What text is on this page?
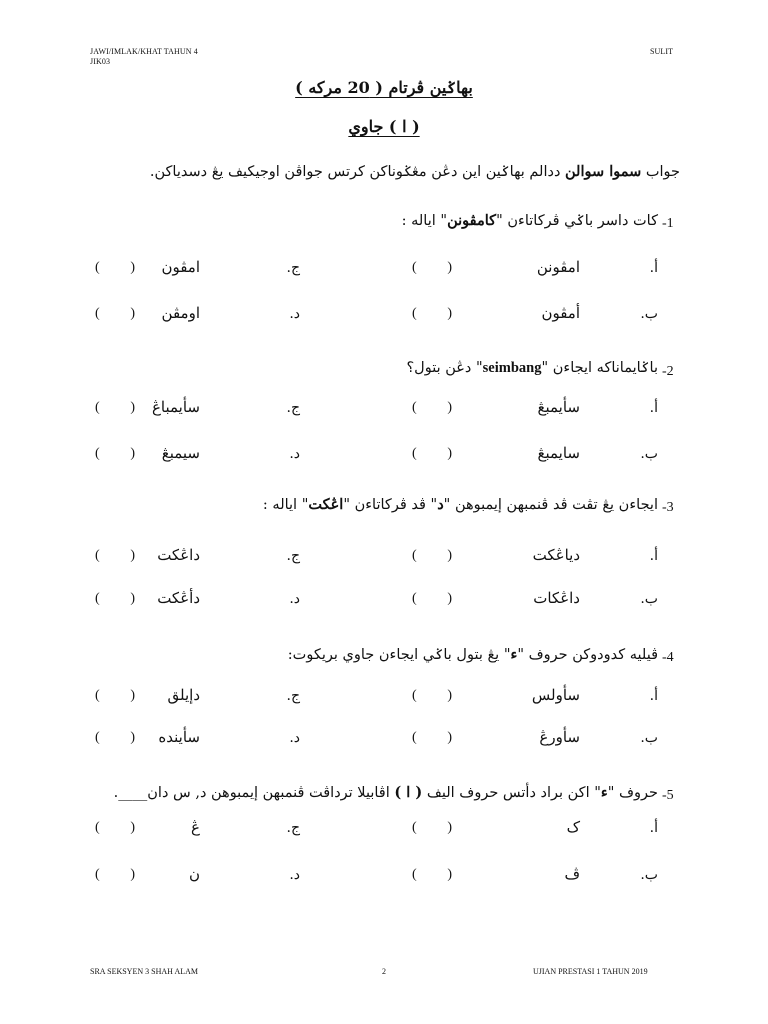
JAWI/IMLAK/KHAT TAHUN 4
JIK03
SULIT
بهاݢين ڤرتام ( 20 مركه )
( ا ) جاوي
جواب سموا سوالن ددالم بهاݢين اين دڠن مڠݢوناكن كرتس جواڤن اوجيكيف يڠ دسدياكن.
-1
كات دا‌سر باݢي ڤركاتاءن "كامڤونن" اياله :
أ.
امڤونن
( )
ج.
امڤون
( )
ب.
أمڤون
( )
د.
اومڤن
( )
-2
باݢايماناكه ايجاءن "seimbang" دڠن بتول؟
أ.
سأيمبڠ
( )
ج.
سأيمباڠ
( )
ب.
سايمبڠ
( )
د.
سيمبڠ
( )
-3
ايجاءن يڠ تڤت ڤد ڤنمبهن إيمبوهن "د" ڤد ڤركاتاءن "اڠكت" اياله :
أ.
دياڠكت
( )
ج.
داڠكت
( )
ب.
داڠكات
( )
د.
دأڠكت
( )
-4
ڤيليه كدودوكن حروف "ء" يڠ بتول باݢي ايجاءن جاوي بريكوت:
أ.
سأولس
( )
ج.
دإيلق
( )
ب.
سأورڠ
( )
د.
سأيندە
( )
-5
حروف "ء" اكن براد دأتس حروف اليف ( ا ) اڤابيلا ترداڤت ڤنمبهن إيمبوهن د, س دان____.
أ.
ک
( )
ج.
ڠ
( )
ب.
ڤ
( )
د.
ن
( )
SRA SEKSYEN 3 SHAH ALAM	2	UJIAN PRESTASI 1 TAHUN 2019
